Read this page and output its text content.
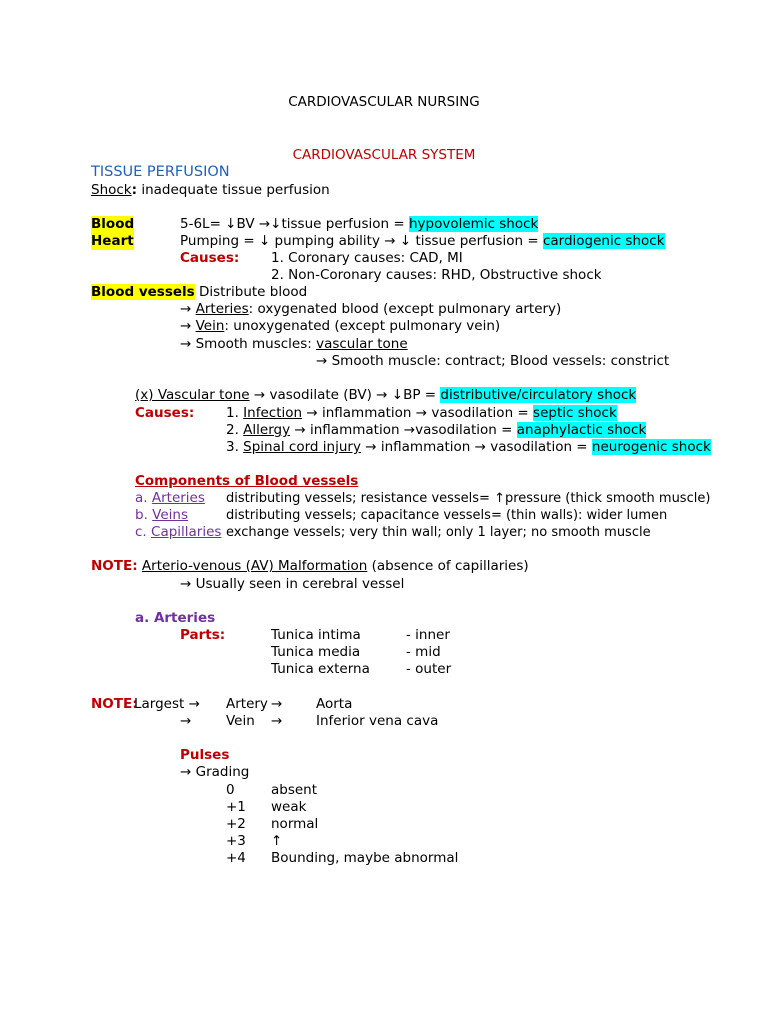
CARDIOVASCULAR NURSING
CARDIOVASCULAR SYSTEM
TISSUE PERFUSION
Shock: inadequate tissue perfusion
Blood	5-6L= ↓BV →↓tissue perfusion = hypovolemic shock
Heart	Pumping = ↓ pumping ability → ↓ tissue perfusion = cardiogenic shock
Causes: 1. Coronary causes: CAD, MI
2. Non-Coronary causes: RHD, Obstructive shock
Blood vessels Distribute blood
→ Arteries: oxygenated blood (except pulmonary artery)
→ Vein: unoxygenated (except pulmonary vein)
→ Smooth muscles: vascular tone
→ Smooth muscle: contract; Blood vessels: constrict
(x) Vascular tone → vasodilate (BV) → ↓BP = distributive/circulatory shock
Causes: 1. Infection → inflammation → vasodilation = septic shock
2. Allergy → inflammation →vasodilation = anaphylactic shock
3. Spinal cord injury → inflammation → vasodilation = neurogenic shock
Components of Blood vessels
a. Arteries distributing vessels; resistance vessels= ↑pressure (thick smooth muscle)
b. Veins	distributing vessels; capacitance vessels= (thin walls): wider lumen
c. Capillaries exchange vessels; very thin wall; only 1 layer; no smooth muscle
NOTE: Arterio-venous (AV) Malformation (absence of capillaries)
→ Usually seen in cerebral vessel
a. Arteries
Parts:	Tunica intima	- inner
Tunica media	- mid
Tunica externa	- outer
NOTE:
Largest → Artery → Aorta
→	Vein → Inferior vena cava
Pulses
→ Grading
0	absent
+1 weak
+2 normal
+3 ↑
+4 Bounding, maybe abnormal
